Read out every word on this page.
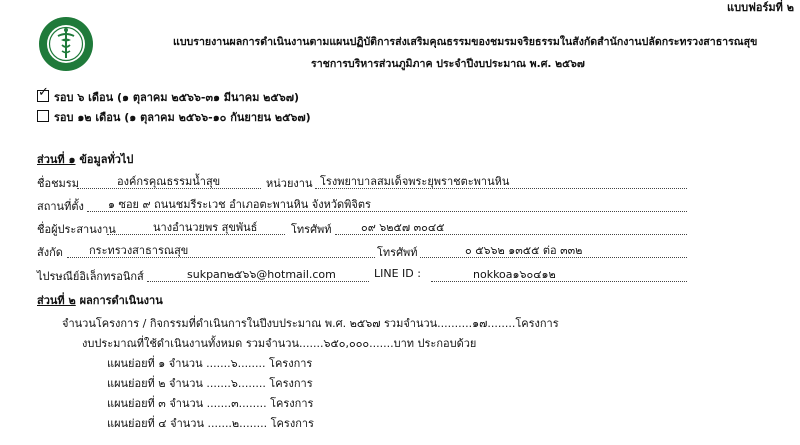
แบบฟอร์มที่ ๒
แบบรายงานผลการดำเนินงานตามแผนปฏิบัติการส่งเสริมคุณธรรมของชมรมจริยธรรมในสังกัดสำนักงานปลัดกระทรวงสาธารณสุข
ราชการบริหารส่วนภูมิภาค ประจำปีงบประมาณ พ.ศ. ๒๕๖๗
✓ รอบ ๖ เดือน (๑ ตุลาคม ๒๕๖๖-๓๑ มีนาคม ๒๕๖๗)
รอบ ๑๒ เดือน (๑ ตุลาคม ๒๕๖๖-๑๐ กันยายน ๒๕๖๗)
ส่วนที่ ๑ ข้อมูลทั่วไป
ชื่อชมรม	องค์กรคุณธรรมน้ำสุข	หน่วยงาน โรงพยาบาลสมเด็จพระยุพราชตะพานหิน
สถานที่ตั้ง ๑ ซอย ๙ ถนนชมรีระเวช อำเภอตะพานหิน จังหวัดพิจิตร
ชื่อผู้ประสานงาน	นางอำนวยพร สุขพันธ์	โทรศัพท์	๐๙ ๖๒๕๗ ๓๐๔๕
สังกัด กระทรวงสาธารณสุข	โทรศัพท์	๐ ๕๖๖๒ ๑๓๕๕ ต่อ ๓๓๒
ไปรษณีย์อิเล็กทรอนิกส์	sukpan๒๕๖๖@hotmail.com	LINE ID :	nokkoa๑๖๐๔๑๒
ส่วนที่ ๒ ผลการดำเนินงาน
จำนวนโครงการ / กิจกรรมที่ดำเนินการในปีงบประมาณ พ.ศ. ๒๕๖๗ รวมจำนวน..........๑๗........โครงการ
งบประมาณที่ใช้ดำเนินงานทั้งหมด รวมจำนวน.......๖๕๐,๐๐๐.......บาท ประกอบด้วย
แผนย่อยที่ ๑ จำนวน .......๖........ โครงการ
แผนย่อยที่ ๒ จำนวน .......๖........ โครงการ
แผนย่อยที่ ๓ จำนวน .......๓........ โครงการ
แผนย่อยที่ ๔ จำนวน .......๒........ โครงการ
